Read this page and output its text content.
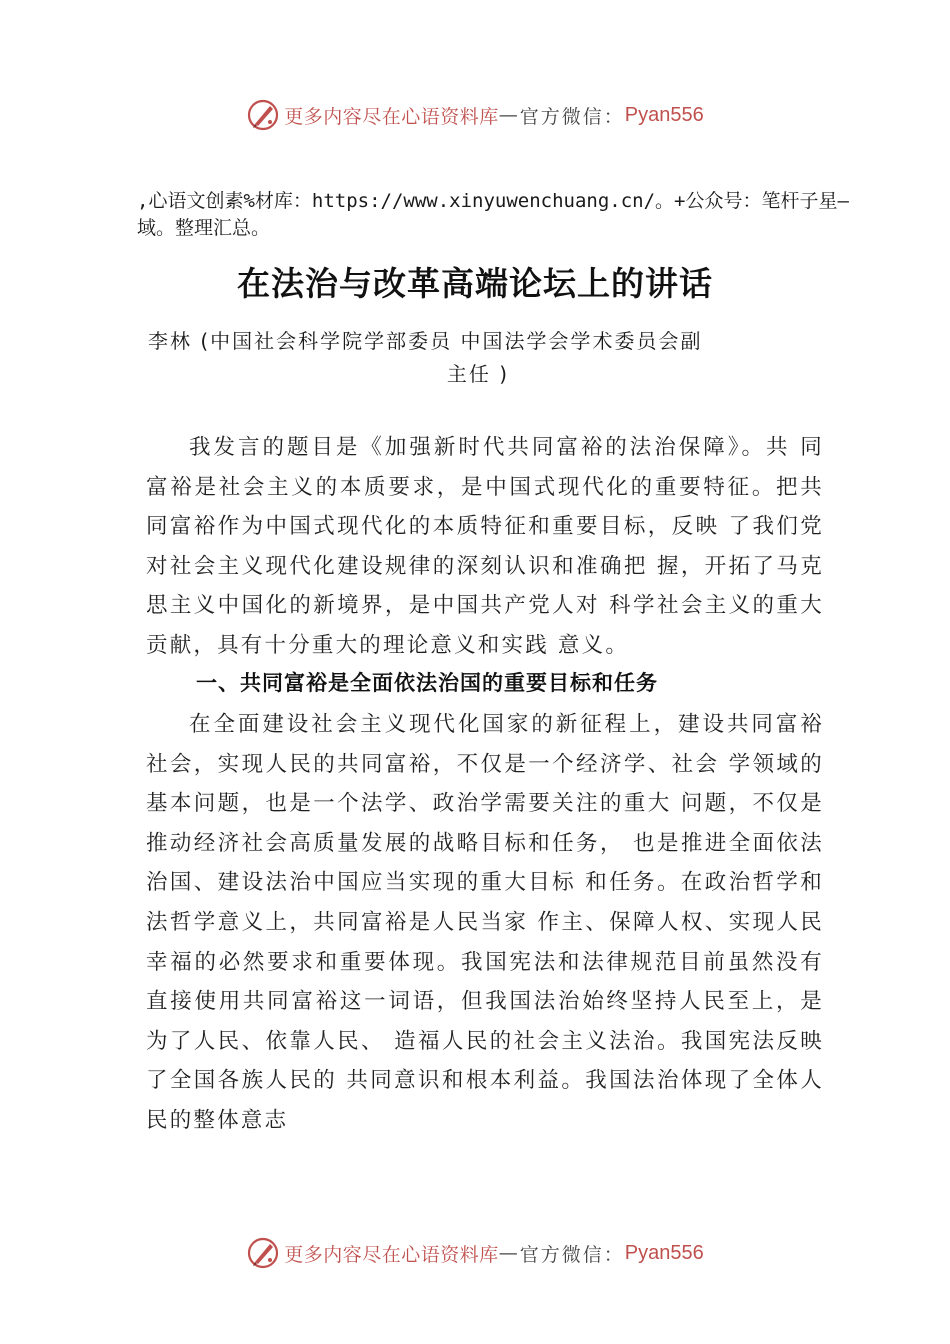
更多内容尽在心语资料库 — 官方微信： Pyan556
,心语文创素%材库：https://www.xinyuwenchuang.cn/。+公众号：笔杆子星—域。整理汇总。
在法治与改革高端论坛上的讲话
李林 (中国社会科学院学部委员 中国法学会学术委员会副
主任 )
我发言的题目是《加强新时代共同富裕的法治保障》。共 同富裕是社会主义的本质要求，是中国式现代化的重要特征。把共同富裕作为中国式现代化的本质特征和重要目标，反映 了我们党对社会主义现代化建设规律的深刻认识和准确把 握，开拓了马克思主义中国化的新境界，是中国共产党人对 科学社会主义的重大贡献，具有十分重大的理论意义和实践 意义。
一、共同富裕是全面依法治国的重要目标和任务
在全面建设社会主义现代化国家的新征程上，建设共同富裕社会，实现人民的共同富裕，不仅是一个经济学、社会 学领域的基本问题，也是一个法学、政治学需要关注的重大 问题，不仅是推动经济社会高质量发展的战略目标和任务， 也是推进全面依法治国、建设法治中国应当实现的重大目标 和任务。在政治哲学和法哲学意义上，共同富裕是人民当家 作主、保障人权、实现人民幸福的必然要求和重要体现。我国宪法和法律规范目前虽然没有直接使用共同富裕这一词语，但我国法治始终坚持人民至上，是为了人民、依靠人民、 造福人民的社会主义法治。我国宪法反映了全国各族人民的 共同意识和根本利益。我国法治体现了全体人民的整体意志
更多内容尽在心语资料库 — 官方微信： Pyan556
